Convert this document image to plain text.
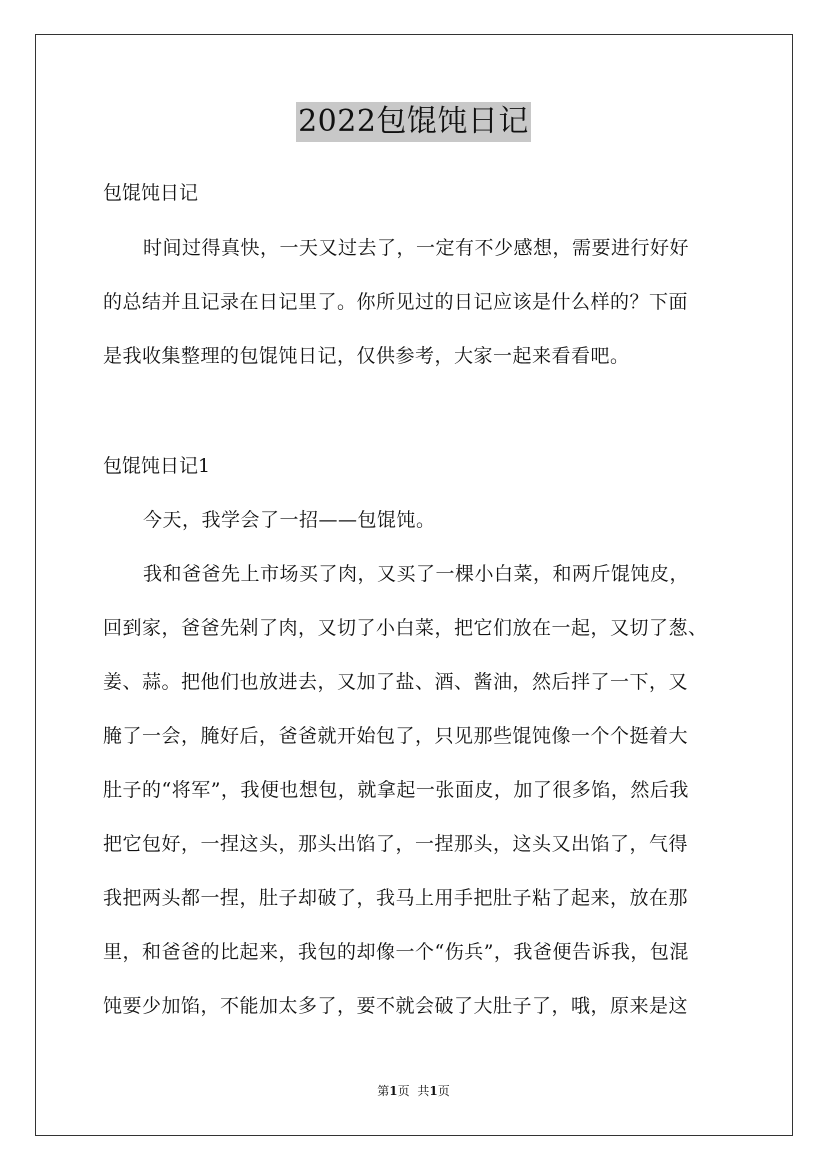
2022包馄饨日记
包馄饨日记
时间过得真快，一天又过去了，一定有不少感想，需要进行好好
的总结并且记录在日记里了。你所见过的日记应该是什么样的？下面
是我收集整理的包馄饨日记，仅供参考，大家一起来看看吧。
包馄饨日记1
今天，我学会了一招——包馄饨。
我和爸爸先上市场买了肉，又买了一棵小白菜，和两斤馄饨皮，
回到家，爸爸先剁了肉，又切了小白菜，把它们放在一起，又切了葱、
姜、蒜。把他们也放进去，又加了盐、酒、酱油，然后拌了一下，又
腌了一会，腌好后，爸爸就开始包了，只见那些馄饨像一个个挺着大
肚子的“将军”，我便也想包，就拿起一张面皮，加了很多馅，然后我
把它包好，一捏这头，那头出馅了，一捏那头，这头又出馅了，气得
我把两头都一捏，肚子却破了，我马上用手把肚子粘了起来，放在那
里，和爸爸的比起来，我包的却像一个“伤兵”，我爸便告诉我，包混
饨要少加馅，不能加太多了，要不就会破了大肚子了，哦，原来是这
第1页 共1页
